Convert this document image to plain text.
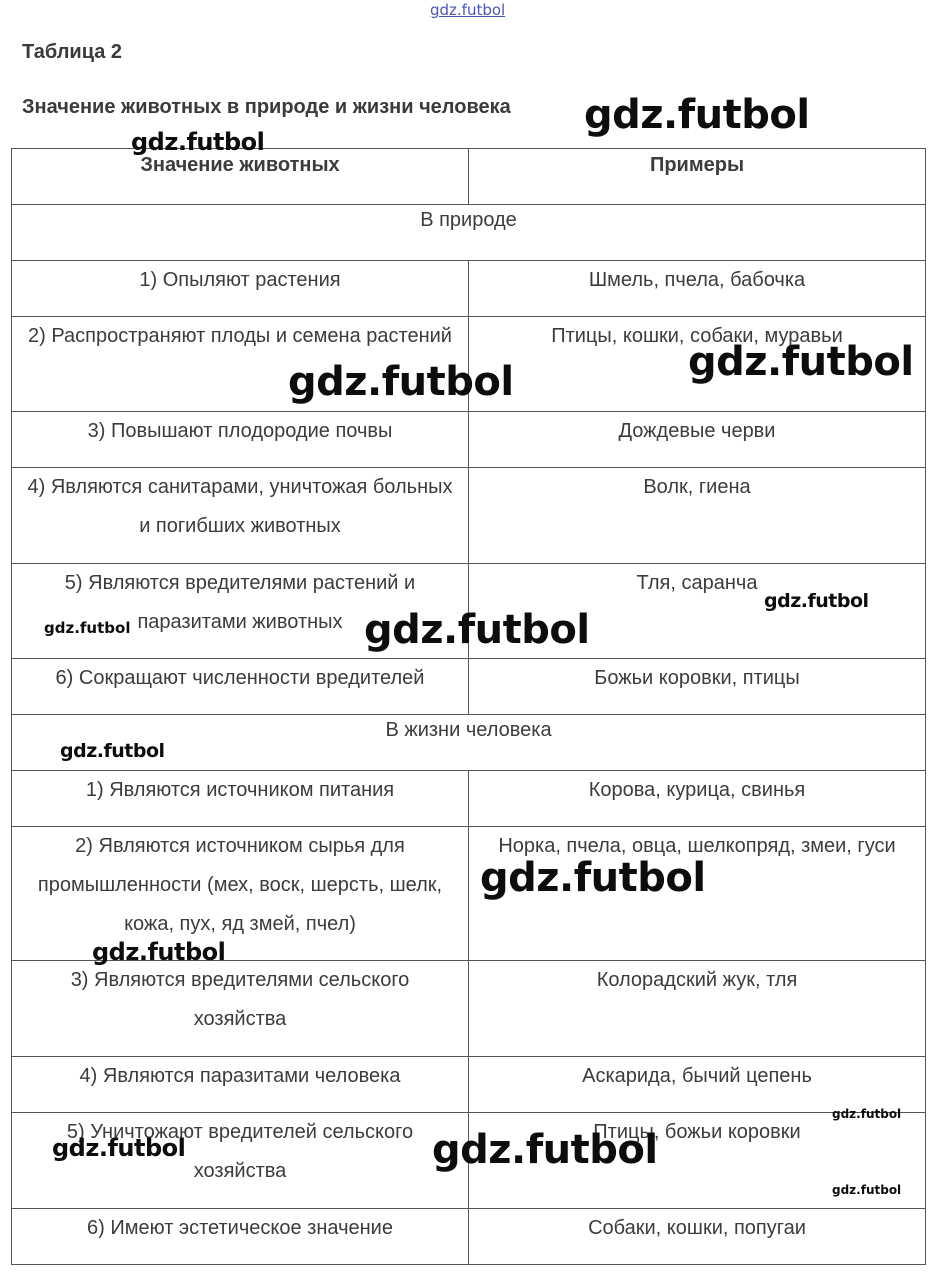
gdz.futbol
Таблица 2
Значение животных в природе и жизни человека
Значение животных	Примеры
В природе	
1) Опыляют растения	Шмель, пчела, бабочка
2) Распространяют плоды и семена растений	Птицы, кошки, собаки, муравьи
3) Повышают плодородие почвы	Дождевые черви
4) Являются санитарами, уничтожая больных и погибших животных	Волк, гиена
5) Являются вредителями растений и паразитами животных	Тля, саранча
6) Сокращают численности вредителей	Божьи коровки, птицы
В жизни человека	
1) Являются источником питания	Корова, курица, свинья
2) Являются источником сырья для промышленности (мех, воск, шерсть, шелк, кожа, пух, яд змей, пчел)	Норка, пчела, овца, шелкопряд, змеи, гуси
3) Являются вредителями сельского хозяйства	Колорадский жук, тля
4) Являются паразитами человека	Аскарида, бычий цепень
5) Уничтожают вредителей сельского хозяйства	Птицы, божьи коровки
6) Имеют эстетическое значение	Собаки, кошки, попугаи
gdz.futbol
gdz.futbol
gdz.futbol
gdz.futbol
gdz.futbol
gdz.futbol
gdz.futbol
gdz.futbol
gdz.futbol
gdz.futbol
gdz.futbol
gdz.futbol
gdz.futbol
gdz.futbol
